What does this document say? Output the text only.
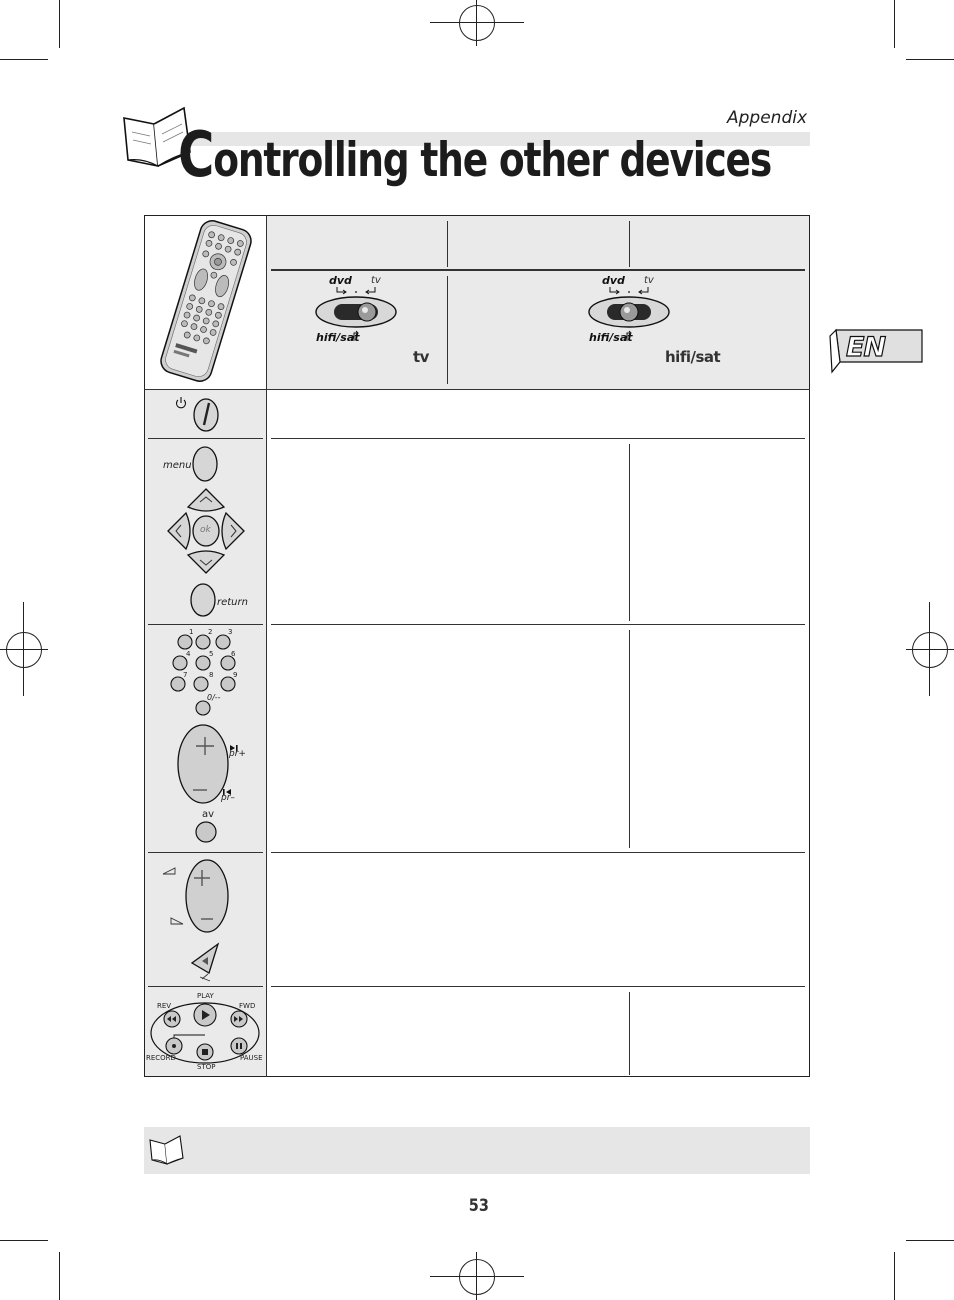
Appendix
Controlling the other devices
EN
dvd tv
hifi/sat
tv
dvd tv
hifi/sat
hifi/sat
menu
ok
return
1 2 3
4	5	6
7	8	9
0/--
pr+
pr–
av
REV
PLAY
FWD
RECORD
STOP
PAUSE
53
